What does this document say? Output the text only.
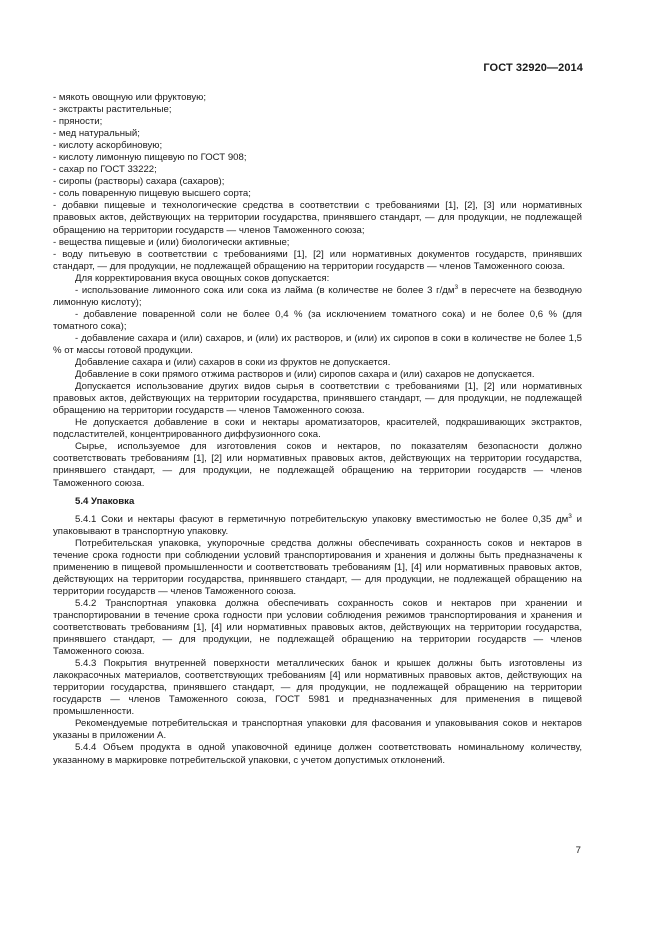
ГОСТ 32920—2014

- мякоть овощную или фруктовую;

- экстракты растительные;

- пряности;

- мед натуральный;

- кислоту аскорбиновую;

- кислоту лимонную пищевую по ГОСТ 908;

- сахар по ГОСТ 33222;

- сиропы (растворы) сахара (сахаров);

- соль поваренную пищевую высшего сорта;

- добавки пищевые и технологические средства в соответствии с требованиями [1], [2], [3] или нормативных правовых актов, действующих на территории государства, принявшего стандарт, — для продукции, не подлежащей обращению на территории государств — членов Таможенного союза;

- вещества пищевые и (или) биологически активные;

- воду питьевую в соответствии с требованиями [1], [2] или нормативных документов государств, принявших стандарт, — для продукции, не подлежащей обращению на территории государств — членов Таможенного союза.

Для корректирования вкуса овощных соков допускается:

- использование лимонного сока или сока из лайма (в количестве не более 3 $г/дм^3$ в пересчете на безводную лимонную кислоту);

- добавление поваренной соли не более 0,4 % (за исключением томатного сока) и не более 0,6 % (для томатного сока);

- добавление сахара и (или) сахаров, и (или) их растворов, и (или) их сиропов в соки в количестве не более 1,5 % от массы готовой продукции.

Добавление сахара и (или) сахаров в соки из фруктов не допускается.

Добавление в соки прямого отжима растворов и (или) сиропов сахара и (или) сахаров не допускается.

Допускается использование других видов сырья в соответствии с требованиями [1], [2] или нормативных правовых актов, действующих на территории государства, принявшего стандарт, — для продукции, не подлежащей обращению на территории государств — членов Таможенного союза.

Не допускается добавление в соки и нектары ароматизаторов, красителей, подкрашивающих экстрактов, подсластителей, концентрированного диффузионного сока.

Сырье, используемое для изготовления соков и нектаров, по показателям безопасности должно соответствовать требованиям [1], [2] или нормативных правовых актов, действующих на территории государства, принявшего стандарт, — для продукции, не подлежащей обращению на территории государств — членов Таможенного союза.

5.4 Упаковка

5.4.1 Соки и нектары фасуют в герметичную потребительскую упаковку вместимостью не более 0,35 $дм^3$ и упаковывают в транспортную упаковку.

Потребительская упаковка, укупорочные средства должны обеспечивать сохранность соков и нектаров в течение срока годности при соблюдении условий транспортирования и хранения и должны быть предназначены к применению в пищевой промышленности и соответствовать требованиям [1], [4] или нормативных правовых актов, действующих на территории государства, принявшего стандарт, — для продукции, не подлежащей обращению на территории государств — членов Таможенного союза.

5.4.2 Транспортная упаковка должна обеспечивать сохранность соков и нектаров при хранении и транспортировании в течение срока годности при условии соблюдения режимов транспортирования и хранения и соответствовать требованиям [1], [4] или нормативных правовых актов, действующих на территории государства, принявшего стандарт, — для продукции, не подлежащей обращению на территории государств — членов Таможенного союза.

5.4.3 Покрытия внутренней поверхности металлических банок и крышек должны быть изготовлены из лакокрасочных материалов, соответствующих требованиям [4] или нормативных правовых актов, действующих на территории государства, принявшего стандарт, — для продукции, не подлежащей обращению на территории государств — членов Таможенного союза, ГОСТ 5981 и предназначенных для применения в пищевой промышленности.

Рекомендуемые потребительская и транспортная упаковки для фасования и упаковывания соков и нектаров указаны в приложении А.

5.4.4 Объем продукта в одной упаковочной единице должен соответствовать номинальному количеству, указанному в маркировке потребительской упаковки, с учетом допустимых отклонений.

7
